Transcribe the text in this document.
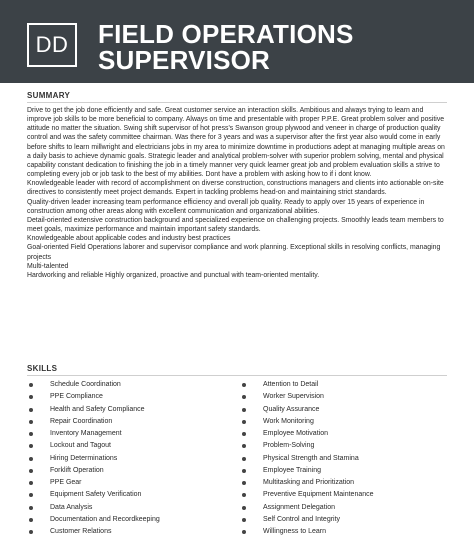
DD	FIELD OPERATIONS
SUPERVISOR
SUMMARY

Drive to get the job done efficiently and safe. Great customer service an interaction skills. Ambitious and always trying to learn and improve job skills to be more beneficial to company. Always on time and presentable with proper P.P.E. Great problem solver and positive attitude no matter the situation. Swing shift supervisor of hot press's Swanson group plywood and veneer in charge of production quality control and was the safety committee chairman. Was there for 3 years and was a supervisor after the first year also would come in early before shifts to learn millwright and electricians jobs in my area to minimize downtime in productions adept at managing multiple areas on a daily basis to achieve dynamic goals. Strategic leader and analytical problem-solver with superior problem solving, mental and physical capability constant dedication to finishing the job in a timely manner very quick learner great job and problem evaluation skills a strive to completing every job or job task to the best of my abilities. Dont have a problem with asking how to if i dont know.

Knowledgeable leader with record of accomplishment on diverse construction, constructions managers and clients into actionable on-site directives to consistently meet project demands. Expert in tackling problems head-on and maintaining strict standards.

Quality-driven leader increasing team performance efficiency and overall job quality. Ready to apply over 15 years of experience in construction among other areas along with excellent communication and organizational abilities.

Detail-oriented extensive construction background and specialized experience on challenging projects. Smoothly leads team members to meet goals, maximize performance and maintain important safety standards.

Knowledgeable about applicable codes and industry best practices

Goal-oriented Field Operations laborer and supervisor compliance and work planning. Exceptional skills in resolving conflicts, managing projects

Multi-talented

Hardworking and reliable Highly organized, proactive and punctual with team-oriented mentality.

SKILLS
Schedule Coordination
PPE Compliance
Health and Safety Compliance
Repair Coordination
Inventory Management
Lockout and Tagout
Hiring Determinations
Forklift Operation
PPE Gear
Equipment Safety Verification
Data Analysis
Documentation and Recordkeeping
Customer Relations
Attention to Detail
Worker Supervision
Quality Assurance
Work Monitoring
Employee Motivation
Problem-Solving
Physical Strength and Stamina
Employee Training
Multitasking and Prioritization
Preventive Equipment Maintenance
Assignment Delegation
Self Control and Integrity
Willingness to Learn
